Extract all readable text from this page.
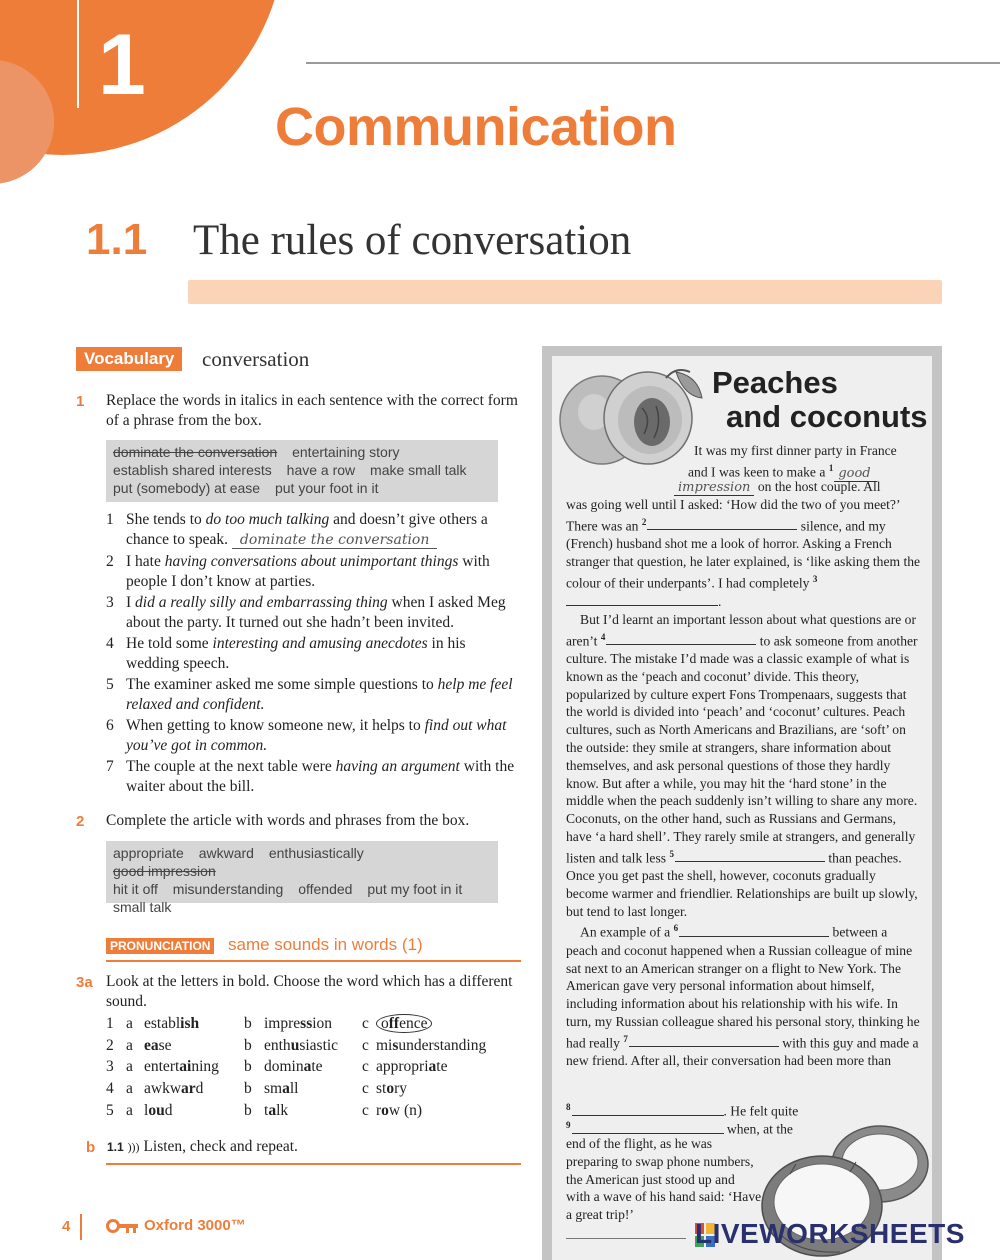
1
Communication
1.1 The rules of conversation
Vocabulary	conversation
1 Replace the words in italics in each sentence with the correct form of a phrase from the box.
dominate the conversation entertaining story
establish shared interests have a row make small talk
put (somebody) at ease put your foot in it
1 She tends to do too much talking and doesn’t give others a chance to speak. dominate the conversation
2 I hate having conversations about unimportant things with people I don’t know at parties.
3 I did a really silly and embarrassing thing when I asked Meg about the party. It turned out she hadn’t been invited.
4 He told some interesting and amusing anecdotes in his wedding speech.
5 The examiner asked me some simple questions to help me feel relaxed and confident.
6 When getting to know someone new, it helps to find out what you’ve got in common.
7 The couple at the next table were having an argument with the waiter about the bill.
2 Complete the article with words and phrases from the box.
appropriate awkward enthusiastically good impression
hit it off misunderstanding offended put my foot in it
small talk
PRONUNCIATION same sounds in words (1)
3a Look at the letters in bold. Choose the word which has a different sound.
1	a	establish	b	impression	c	offence
2	a	ease	b	enthusiastic	c	misunderstanding
3	a	entertaining	b	dominate	c	appropriate
4	a	awkward	b	small	c	story
5	a	loud	b	talk	c	row (n)
b 1.1 ))) Listen, check and repeat.
Peaches
and coconuts
It was my first dinner party in France
and I was keen to make a $^1$ good
impression on the host couple. All
was going well until I asked: ‘How did the two of you meet?’ There was an $^2$	silence, and my (French) husband shot me a look of horror. Asking a French stranger that question, he later explained, is ‘like asking them the colour of their underpants’. I had completely $^3$.
But I’d learnt an important lesson about what questions are or aren’t $^4$	to ask someone from another culture. The mistake I’d made was a classic example of what is known as the ‘peach and coconut’ divide. This theory, popularized by culture expert Fons Trompenaars, suggests that the world is divided into ‘peach’ and ‘coconut’ cultures. Peach cultures, such as North Americans and Brazilians, are ‘soft’ on the outside: they smile at strangers, share information about themselves, and ask personal questions of those they hardly know. But after a while, you may hit the ‘hard stone’ in the middle when the peach suddenly isn’t willing to share any more. Coconuts, on the other hand, such as Russians and Germans, have ‘a hard shell’. They rarely smile at strangers, and generally listen and talk less $^5$	than peaches. Once you get past the shell, however, coconuts gradually become warmer and friendlier. Relationships are built up slowly, but tend to last longer.
An example of a $^6$	between a peach and coconut happened when a Russian colleague of mine sat next to an American stranger on a flight to New York. The American gave very personal information about himself, including information about his relationship with his wife. In turn, my Russian colleague shared his personal story, thinking he had really $^7$	with this guy and made a new friend. After all, their conversation had been more than
$^8$	. He felt quite
$^9$	when, at the
end of the flight, as he was preparing to swap phone numbers, the American just stood up and with a wave of his hand said: ‘Have a great trip!’
4	Oxford 3000™	LIVEWORKSHEETS
